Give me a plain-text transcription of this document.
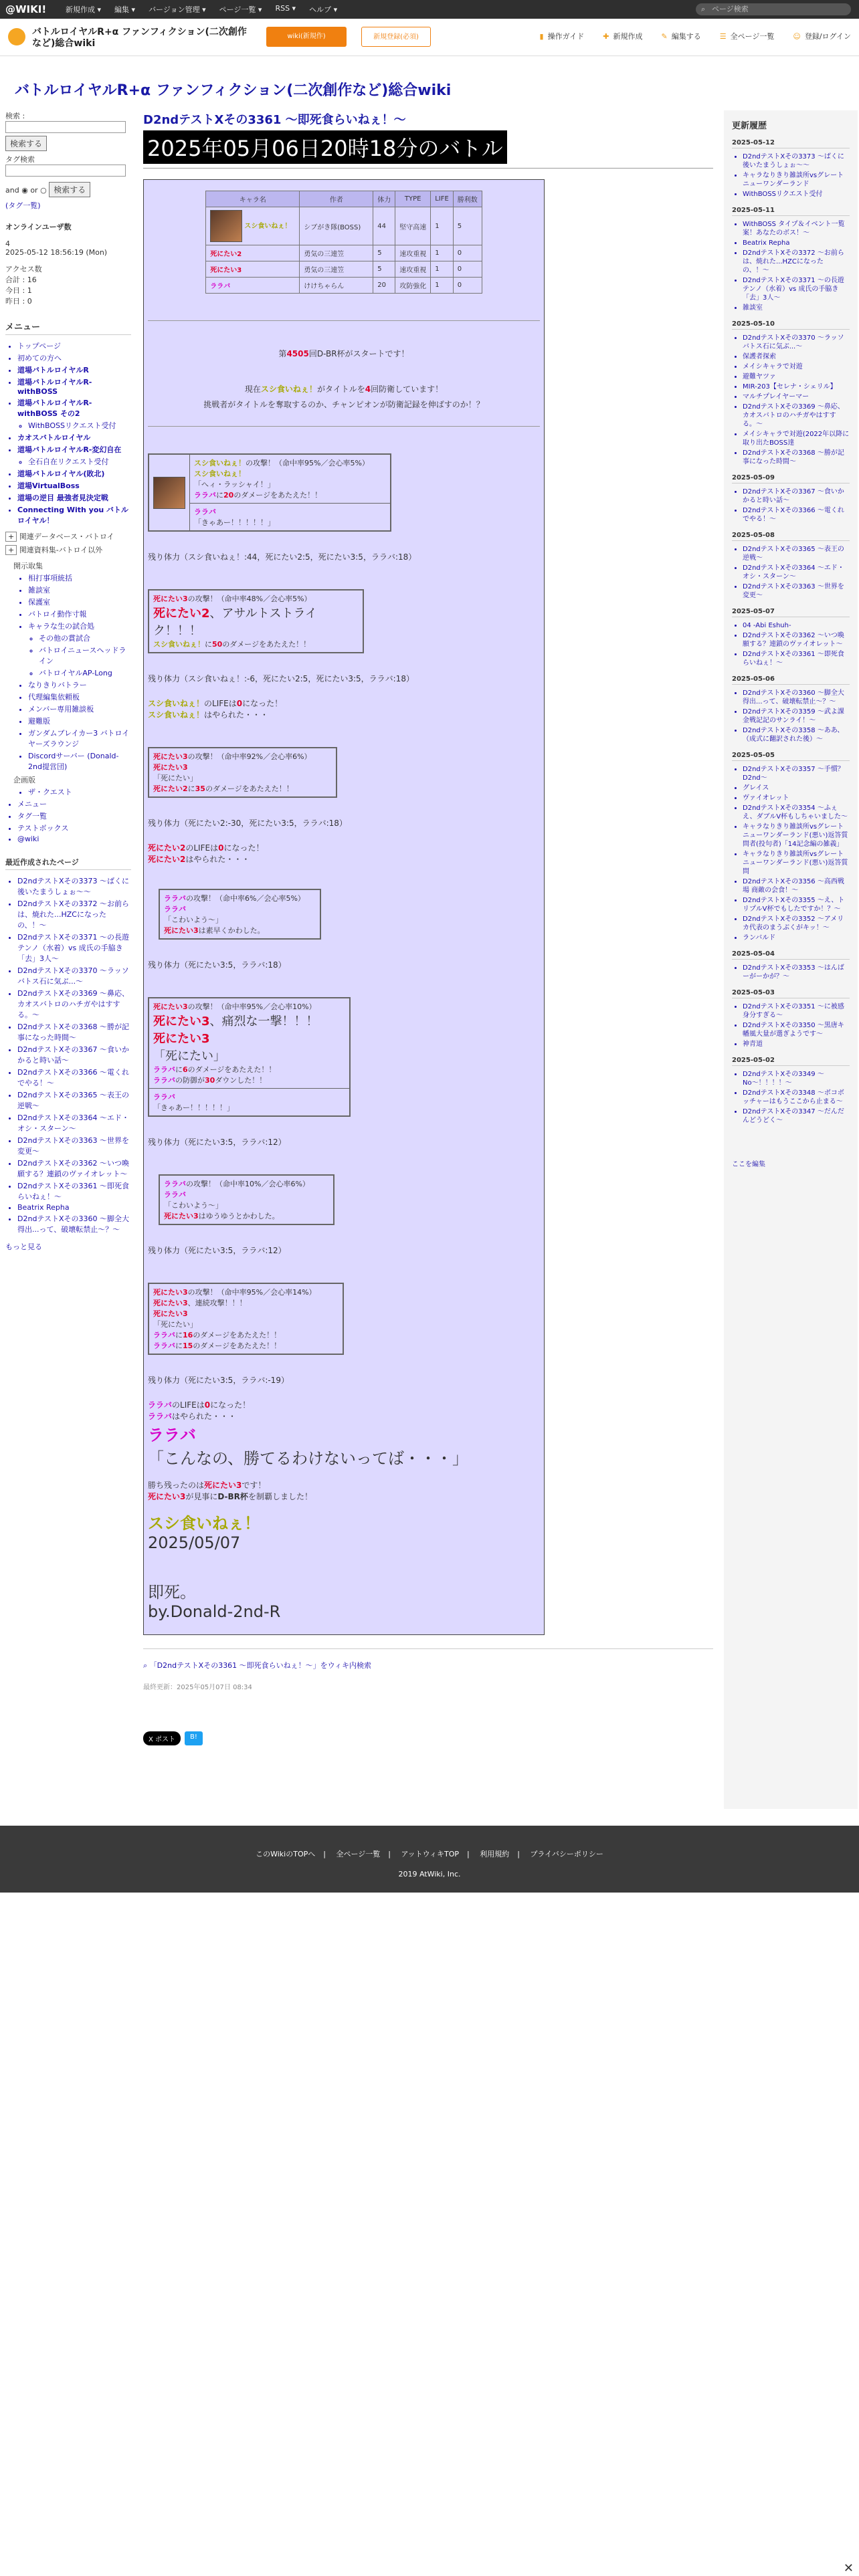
@WIKI!	新規作成 ▾	編集 ▾	バージョン管理 ▾	ページ一覧 ▾	RSS ▾	ヘルプ ▾	⌕ ページ検索
バトルロイヤルR+α ファンフィクション(二次創作など)総合wiki
wiki(新規作)	新規登録(必須)	▮ 操作ガイド	✚ 新規作成	✎ 編集する	☰ 全ページ一覧	☺ 登録/ログイン
バトルロイヤルR+α ファンフィクション(二次創作など)総合wiki
検索 :
検索する
タグ検索
and ◉ or ○ 検索する
(タグ一覧)
オンラインユーザ数
4
2025-05-12 18:56:19 (Mon)
アクセス数
合計 : 16
今日 : 1
昨日 : 0
メニュー
• トップページ
• 初めての方へ
• 道場バトルロイヤルR
• 道場バトルロイヤルR-withBOSS
• 道場バトルロイヤルR-withBOSS その2
◦ WithBOSSリクエスト受付
• カオスバトルロイヤル
• 道場バトルロイヤルR-変幻自在
◦ 全石自在リクエスト受付
• 道場バトルロイヤル(敗北)
• 道場VirtualBoss
• 道場の逆目 最強者見決定戦
• Connecting With you バトルロイヤル！
+ 関連データベース・バトロイ
+ 関連資料集-バトロイ以外
開示取集
• 相打事項統括
• 雑談室
• 保護室
• バトロイ動作寸報
• キャラな生の試合処
◦ その他の賞試合
◦ バトロイニュースヘッドライン
◦ バトロイヤルAP-Long
• なりきりバトラー
• 代理編集依頼板
• メンバー専用雑談板
• 避難版
• ガンダムブレイカー3 バトロイヤーズラウンジ
• Discordサーバー (Donald-2nd提営団)
企画版
• ザ・クエスト
• メニュー
• タグ一覧
• テストボックス
• @wiki
最近作成されたページ
• D2ndテストXその3373 〜ばくに後いたまうしょぉ〜〜
• D2ndテストXその3372 〜お前らは、焼れた...HZCになったの、！〜
• D2ndテストXその3371 〜の長遊テンノ（水着）vs 成氏の手脇き「去」3人〜
• D2ndテストXその3370 〜ラッソバトス石に気ぶ...〜
• D2ndテストXその3369 〜鼻応、カオスバトロのハチガやはすする。〜
• D2ndテストXその3368 〜勝が記事になった時間〜
• D2ndテストXその3367 〜食いかかると時い話〜
• D2ndテストXその3366 〜電くれでやる！〜
• D2ndテストXその3365 〜表王の逆戦〜
• D2ndテストXその3364 〜エド・オシ・スターン〜
• D2ndテストXその3363 〜世界を変更〜
• D2ndテストXその3362 〜いつ喚願する？連鎖のヴァイオレット〜
• D2ndテストXその3361 〜即死食らいねぇ！〜
• Beatrix Repha
• D2ndテストXその3360 〜脚全大得出...って、破壊転禁止〜？〜
もっと見る
D2ndテストXその3361 〜即死食らいねぇ！〜
2025年05月06日20時18分のバトル
キャラ名	作者	体力	TYPE	LIFE	勝利数
スシ食いねぇ！	シブがき隊(BOSS)	44	堅守高速	1	5
死にたい2	勇気の三連笠	5	速攻重視	1	0
死にたい3	勇気の三連笠	5	速攻重視	1	0
ララバ	けけちゃらん	20	攻防強化	1	0
第4505回D-BR杯がスタートです！
現在スシ食いねぇ！がタイトルを4回防衛しています！
挑戦者がタイトルを奪取するのか、チャンピオンが防衛記録を伸ばすのか！？

スシ食いねぇ！の攻撃！（命中率95%／会心率5%）
スシ食いねぇ！
「へィ・ラッシャイ！」
ララバに20のダメージをあたえた！！

ララバ
「きゃあー！！！！！」
残り体力（スシ食いねぇ！:44，死にたい2:5，死にたい3:5，ララバ:18）
死にたい3の攻撃！（命中率48%／会心率5%）
死にたい2、アサルトストライク！！！
スシ食いねぇ！に50のダメージをあたえた！！
残り体力（スシ食いねぇ！:-6，死にたい2:5，死にたい3:5，ララバ:18）
スシ食いねぇ！のLIFEは0になった！
スシ食いねぇ！はやられた・・・
死にたい3の攻撃！（命中率92%／会心率6%）
死にたい3
「死にたい」
死にたい2に35のダメージをあたえた！！
残り体力（死にたい2:-30，死にたい3:5，ララバ:18）
死にたい2のLIFEは0になった！
死にたい2はやられた・・・
ララバの攻撃！（命中率6%／会心率5%）
ララバ
「こわいよう〜」
死にたい3は素早くかわした。
残り体力（死にたい3:5，ララバ:18）
死にたい3の攻撃！（命中率95%／会心率10%）
死にたい3、痛烈な一撃！！！
死にたい3
「死にたい」
ララバに6のダメージをあたえた！！
ララバの防御が30ダウンした！！

ララバ
「きゃあー！！！！！」
残り体力（死にたい3:5，ララバ:12）
ララバの攻撃！（命中率10%／会心率6%）
ララバ
「こわいよう〜」
死にたい3はゆうゆうとかわした。
残り体力（死にたい3:5，ララバ:12）
死にたい3の攻撃！（命中率95%／会心率14%）
死にたい3、連続攻撃！！！
死にたい3
「死にたい」
ララバに16のダメージをあたえた！！
ララバに15のダメージをあたえた！！
残り体力（死にたい3:5，ララバ:-19）
ララバのLIFEは0になった！
ララバはやられた・・・
ララバ
「こんなの、勝てるわけないってば・・・」
勝ち残ったのは死にたい3です！
死にたい3が見事にD-BR杯を制覇しました！
スシ食いねぇ！
2025/05/07
即死。
by.Donald-2nd-R
⌕ 「D2ndテストXその3361 〜即死食らいねぇ！〜」をウィキ内検索
最終更新：2025年05月07日 08:34
X ポスト	B!
更新履歴
2025-05-12
• D2ndテストXその3373 〜ばくに後いたまうしょぉ〜〜
• キャラなりきり雑談所vsグレートニューワンダーランド
• WithBOSSリクエスト受付
2025-05-11
• WithBOSS タイプ＆イベント一覧案！あなたのボス！〜
• Beatrix Repha
• D2ndテストXその3372 〜お前らは、焼れた...HZCになったの、！〜
• D2ndテストXその3371 〜の長遊テンノ（水着）vs 成氏の手脇き「去」3人〜
• 雑談室
2025-05-10
• D2ndテストXその3370 〜ラッソバトス石に気ぶ...〜
• 保護者探索
• メイシキャラで対遊
• 避難ヤツァ
• MIR-203【セレナ・シェリル】
• マルチプレイヤーマー
• D2ndテストXその3369 〜鼻応、カオスバトロのハチガやはすする。〜
• メイシキャラで対遊(2022年以降に取り出たBOSS達
• D2ndテストXその3368 〜勝が記事になった時間〜
2025-05-09
• D2ndテストXその3367 〜食いかかると時い話〜
• D2ndテストXその3366 〜電くれでやる！〜
2025-05-08
• D2ndテストXその3365 〜表王の逆戦〜
• D2ndテストXその3364 〜エド・オシ・スターン〜
• D2ndテストXその3363 〜世界を変更〜
2025-05-07
• 04 -Abi Eshuh-
• D2ndテストXその3362 〜いつ喚願する？連鎖のヴァイオレット〜
• D2ndテストXその3361 〜即死食らいねぇ！〜
2025-05-06
• D2ndテストXその3360 〜脚全大得出...って、破壊転禁止〜？〜
• D2ndテストXその3359 〜武よ課金戦記記のサンライ！〜
• D2ndテストXその3358 〜ああ、（成式に翻訳された後）〜
2025-05-05
• D2ndテストXその3357 〜手慣？D2nd〜
• グレイス
• ヴァイオレット
• D2ndテストXその3354 〜ふぇえ、ダブルV杯もしちゃいました〜
• キャラなりきり雑談所vsグレートニューワンダーランド(悪い)返答質問者(投句者)「14記念編の雑義」
• キャラなりきり雑談所vsグレートニューワンダーランド(悪い)返答質問
• D2ndテストXその3356 〜高西戦場 商敵の会食！〜
• D2ndテストXその3355 〜え、トリプルV杯でもしたですか！？〜
• D2ndテストXその3352 〜アメリカ代表のまうぶくがキッ！〜
• ランバルド
2025-05-04
• D2ndテストXその3353 〜はんばーがーかが？〜
2025-05-03
• D2ndテストXその3351 〜に被感身分すぎる〜
• D2ndテストXその3350 〜黒唐キ幡風大量が選ぎようです〜
• 神青道
2025-05-02
• D2ndテストXその3349 〜No〜！！！！〜
• D2ndテストXその3348 〜ボコボッチャーはもうここから止まる〜
• D2ndテストXその3347 〜だんだんどうどく〜
ここを編集
このWikiのTOPへ | 全ページ一覧 | アットウィキTOP | 利用規約 | プライバシーポリシー
2019 AtWiki, Inc.
✕
